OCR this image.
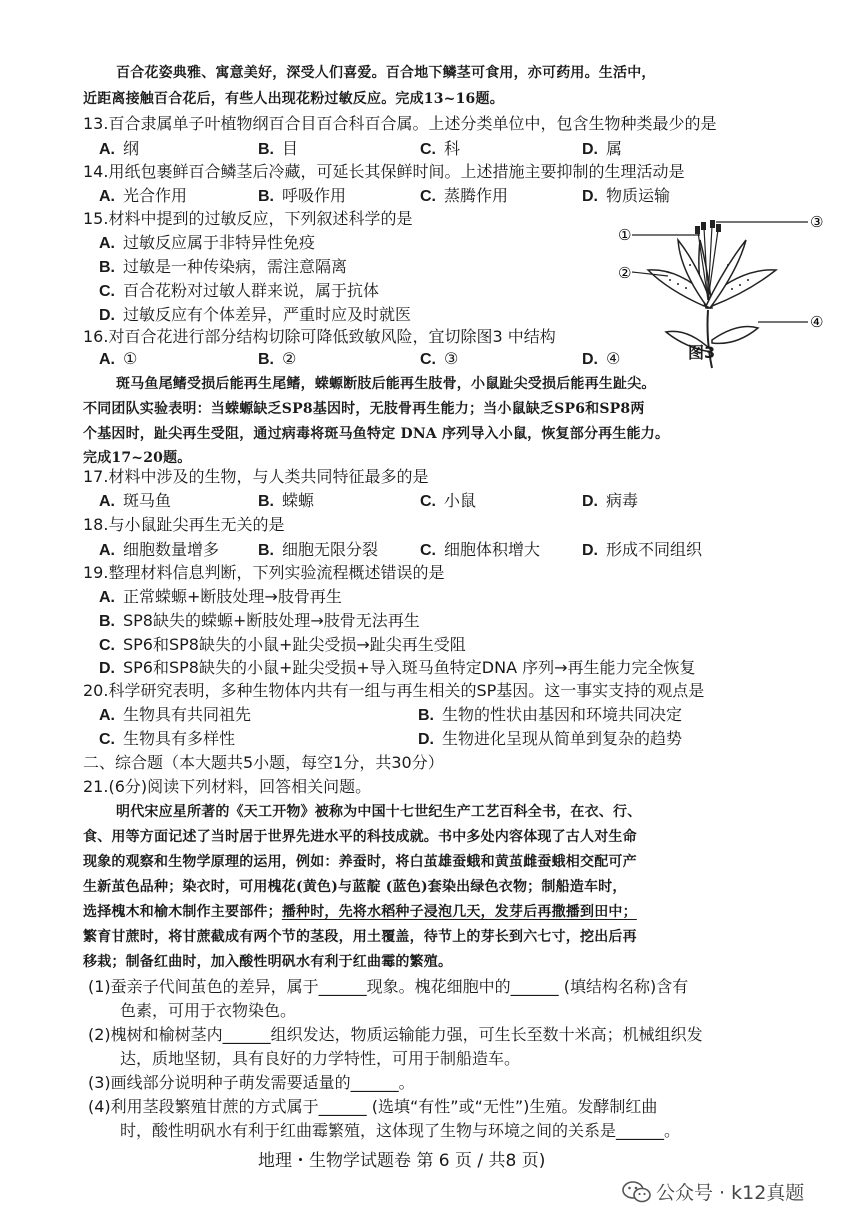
百合花姿典雅、寓意美好，深受人们喜爱。百合地下鳞茎可食用，亦可药用。生活中，
近距离接触百合花后，有些人出现花粉过敏反应。完成13~16题。
13.百合隶属单子叶植物纲百合目百合科百合属。上述分类单位中，包含生物种类最少的是
A. 纲	B. 目	C. 科	D. 属
14.用纸包裹鲜百合鳞茎后冷藏，可延长其保鲜时间。上述措施主要抑制的生理活动是
A. 光合作用	B. 呼吸作用	C. 蒸腾作用	D. 物质运输
15.材料中提到的过敏反应，下列叙述科学的是
A. 过敏反应属于非特异性免疫
B. 过敏是一种传染病，需注意隔离
C. 百合花粉对过敏人群来说，属于抗体
D. 过敏反应有个体差异，严重时应及时就医
①
②
③
④
图3
16.对百合花进行部分结构切除可降低致敏风险，宜切除图3 中结构
A. ①	B. ②	C. ③	D. ④
斑马鱼尾鳍受损后能再生尾鳍，蝾螈断肢后能再生肢骨，小鼠趾尖受损后能再生趾尖。
不同团队实验表明：当蝾螈缺乏SP8基因时，无肢骨再生能力；当小鼠缺乏SP6和SP8两
个基因时，趾尖再生受阻，通过病毒将斑马鱼特定 DNA 序列导入小鼠，恢复部分再生能力。
完成17~20题。
17.材料中涉及的生物，与人类共同特征最多的是
A. 斑马鱼	B. 蝾螈	C. 小鼠	D. 病毒
18.与小鼠趾尖再生无关的是
A. 细胞数量增多 B. 细胞无限分裂	C. 细胞体积增大	D. 形成不同组织
19.整理材料信息判断，下列实验流程概述错误的是
A. 正常蝾螈+断肢处理→肢骨再生
B. SP8缺失的蝾螈+断肢处理→肢骨无法再生
C. SP6和SP8缺失的小鼠+趾尖受损→趾尖再生受阻
D. SP6和SP8缺失的小鼠+趾尖受损+导入斑马鱼特定DNA 序列→再生能力完全恢复
20.科学研究表明，多种生物体内共有一组与再生相关的SP基因。这一事实支持的观点是
A. 生物具有共同祖先	B. 生物的性状由基因和环境共同决定
C. 生物具有多样性	D. 生物进化呈现从简单到复杂的趋势
二、综合题（本大题共5小题，每空1分，共30分）
21.(6分)阅读下列材料，回答相关问题。
明代宋应星所著的《天工开物》被称为中国十七世纪生产工艺百科全书，在衣、行、
食、用等方面记述了当时居于世界先进水平的科技成就。书中多处内容体现了古人对生命
现象的观察和生物学原理的运用，例如：养蚕时，将白茧雄蚕蛾和黄茧雌蚕蛾相交配可产
生新茧色品种；染衣时，可用槐花(黄色)与蓝靛 (蓝色)套染出绿色衣物；制船造车时，
选择槐木和榆木制作主要部件；播种时，先将水稻种子浸泡几天，发芽后再撒播到田中；
繁育甘蔗时，将甘蔗截成有两个节的茎段，用土覆盖，待节上的芽长到六七寸，挖出后再
移栽；制备红曲时，加入酸性明矾水有利于红曲霉的繁殖。
(1)蚕亲子代间茧色的差异，属于______现象。槐花细胞中的______ (填结构名称)含有
色素，可用于衣物染色。
(2)槐树和榆树茎内______组织发达，物质运输能力强，可生长至数十米高；机械组织发
达，质地坚韧，具有良好的力学特性，可用于制船造车。
(3)画线部分说明种子萌发需要适量的______。
(4)利用茎段繁殖甘蔗的方式属于______ (选填“有性”或“无性”)生殖。发酵制红曲
时，酸性明矾水有利于红曲霉繁殖，这体现了生物与环境之间的关系是______。
地理・生物学试题卷 第 6 页 / 共8 页)
公众号 · k12真题
